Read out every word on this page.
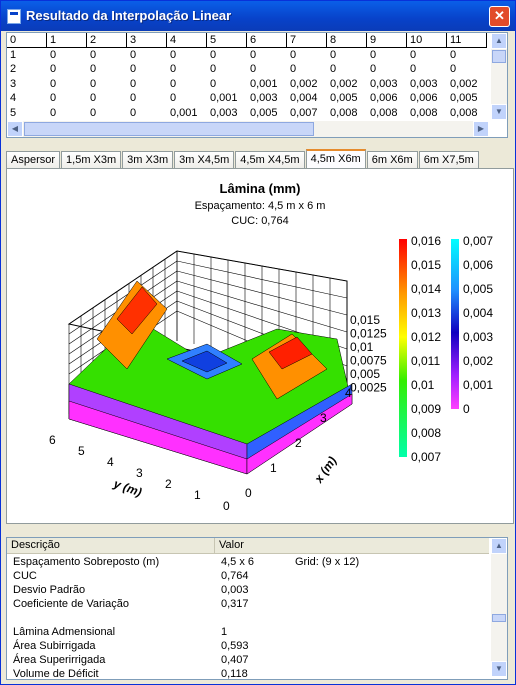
Resultado da Interpolação Linear	✕
0	1	2	3	4	5	6	7	8	9	10	11
1	0	0	0	0	0	0	0	0	0	0	0
2	0	0	0	0	0	0	0	0	0	0	0
3	0	0	0	0	0	0,001	0,002	0,002	0,003	0,003	0,002
4	0	0	0	0	0,001	0,003	0,004	0,005	0,006	0,006	0,005
5	0	0	0	0,001	0,003	0,005	0,007	0,008	0,008	0,008	0,008
▲
▼
◀	▶
Aspersor	1,5m X3m	3m X3m	3m X4,5m	4,5m X4,5m	4,5m X6m	6m X6m	6m X7,5m
Lâmina (mm)
Espaçamento: 4,5 m x 6 m
CUC: 0,764
0,015
0,0125
0,01
0,0075
0,005
0,0025
6
5
4
3
2
1
0
0
1
2
3
4
y (m)
x (m)
0,016
0,015
0,014
0,013
0,012
0,011
0,01
0,009
0,008
0,007
0,007
0,006
0,005
0,004
0,003
0,002
0,001
0
Descrição	Valor
Espaçamento Sobreposto (m)	4,5 x 6	Grid: (9 x 12)
CUC	0,764
Desvio Padrão	0,003
Coeficiente de Variação	0,317
Lâmina Admensional	1
Área Subirrigada	0,593
Área Superirrigada	0,407
Volume de Déficit	0,118
▲
▼
